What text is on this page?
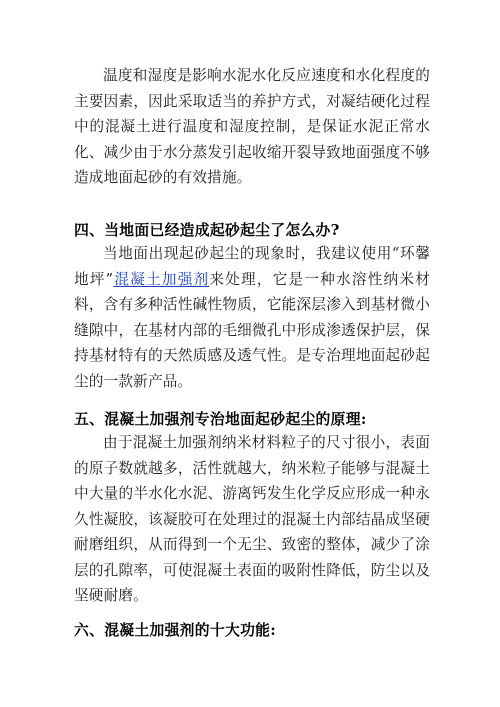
温度和湿度是影响水泥水化反应速度和水化程度的主要因素，因此采取适当的养护方式，对凝结硬化过程中的混凝土进行温度和湿度控制，是保证水泥正常水化、减少由于水分蒸发引起收缩开裂导致地面强度不够造成地面起砂的有效措施。

四、当地面已经造成起砂起尘了怎么办?

当地面出现起砂起尘的现象时，我建议使用“环馨地坪”混凝土加强剂来处理，它是一种水溶性纳米材料，含有多种活性碱性物质，它能深层渗入到基材微小缝隙中，在基材内部的毛细微孔中形成渗透保护层，保持基材特有的天然质感及透气性。是专治理地面起砂起尘的一款新产品。

五、混凝土加强剂专治地面起砂起尘的原理:

由于混凝土加强剂纳米材料粒子的尺寸很小，表面的原子数就越多，活性就越大，纳米粒子能够与混凝土中大量的半水化水泥、游离钙发生化学反应形成一种永久性凝胶，该凝胶可在处理过的混凝土内部结晶成坚硬耐磨组织，从而得到一个无尘、致密的整体，减少了涂层的孔隙率，可使混凝土表面的吸附性降低，防尘以及坚硬耐磨。

六、混凝土加强剂的十大功能:
